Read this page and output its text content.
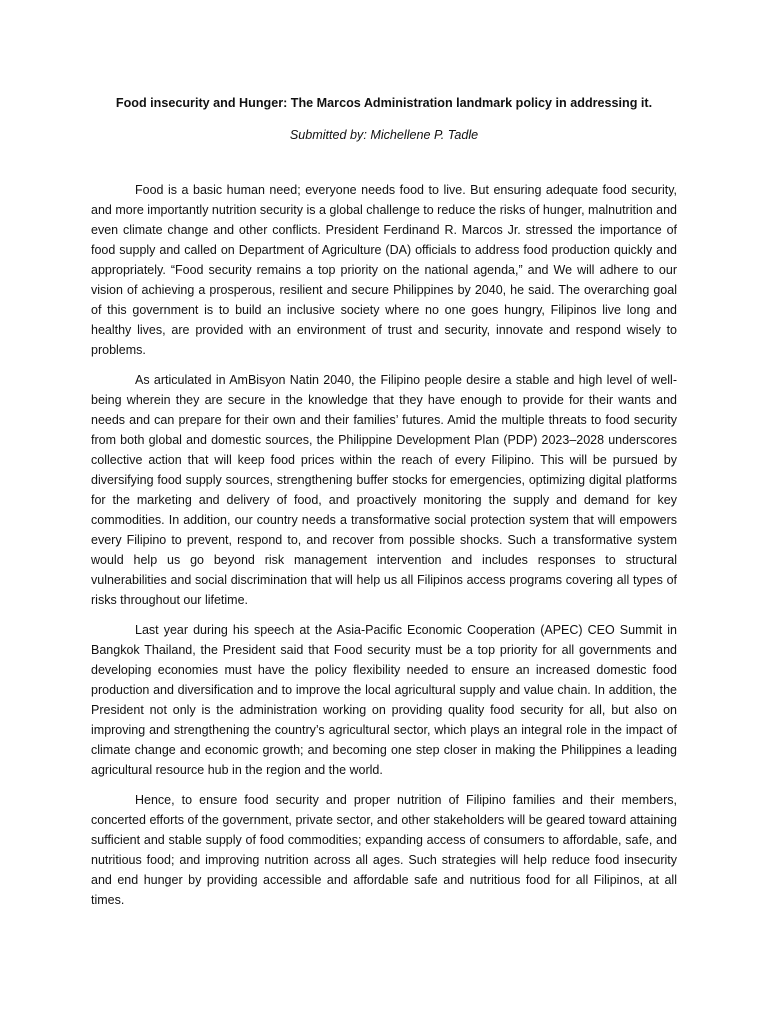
Food insecurity and Hunger: The Marcos Administration landmark policy in addressing it.

Submitted by: Michellene P. Tadle

Food is a basic human need; everyone needs food to live. But ensuring adequate food security, and more importantly nutrition security is a global challenge to reduce the risks of hunger, malnutrition and even climate change and other conflicts. President Ferdinand R. Marcos Jr. stressed the importance of food supply and called on Department of Agriculture (DA) officials to address food production quickly and appropriately. “Food security remains a top priority on the national agenda,” and We will adhere to our vision of achieving a prosperous, resilient and secure Philippines by 2040, he said. The overarching goal of this government is to build an inclusive society where no one goes hungry, Filipinos live long and healthy lives, are provided with an environment of trust and security, innovate and respond wisely to problems.

As articulated in AmBisyon Natin 2040, the Filipino people desire a stable and high level of well-being wherein they are secure in the knowledge that they have enough to provide for their wants and needs and can prepare for their own and their families’ futures. Amid the multiple threats to food security from both global and domestic sources, the Philippine Development Plan (PDP) 2023–2028 underscores collective action that will keep food prices within the reach of every Filipino. This will be pursued by diversifying food supply sources, strengthening buffer stocks for emergencies, optimizing digital platforms for the marketing and delivery of food, and proactively monitoring the supply and demand for key commodities. In addition, our country needs a transformative social protection system that will empowers every Filipino to prevent, respond to, and recover from possible shocks. Such a transformative system would help us go beyond risk management intervention and includes responses to structural vulnerabilities and social discrimination that will help us all Filipinos access programs covering all types of risks throughout our lifetime.

Last year during his speech at the Asia-Pacific Economic Cooperation (APEC) CEO Summit in Bangkok Thailand, the President said that Food security must be a top priority for all governments and developing economies must have the policy flexibility needed to ensure an increased domestic food production and diversification and to improve the local agricultural supply and value chain. In addition, the President not only is the administration working on providing quality food security for all, but also on improving and strengthening the country’s agricultural sector, which plays an integral role in the impact of climate change and economic growth; and becoming one step closer in making the Philippines a leading agricultural resource hub in the region and the world.

Hence, to ensure food security and proper nutrition of Filipino families and their members, concerted efforts of the government, private sector, and other stakeholders will be geared toward attaining sufficient and stable supply of food commodities; expanding access of consumers to affordable, safe, and nutritious food; and improving nutrition across all ages. Such strategies will help reduce food insecurity and end hunger by providing accessible and affordable safe and nutritious food for all Filipinos, at all times.
